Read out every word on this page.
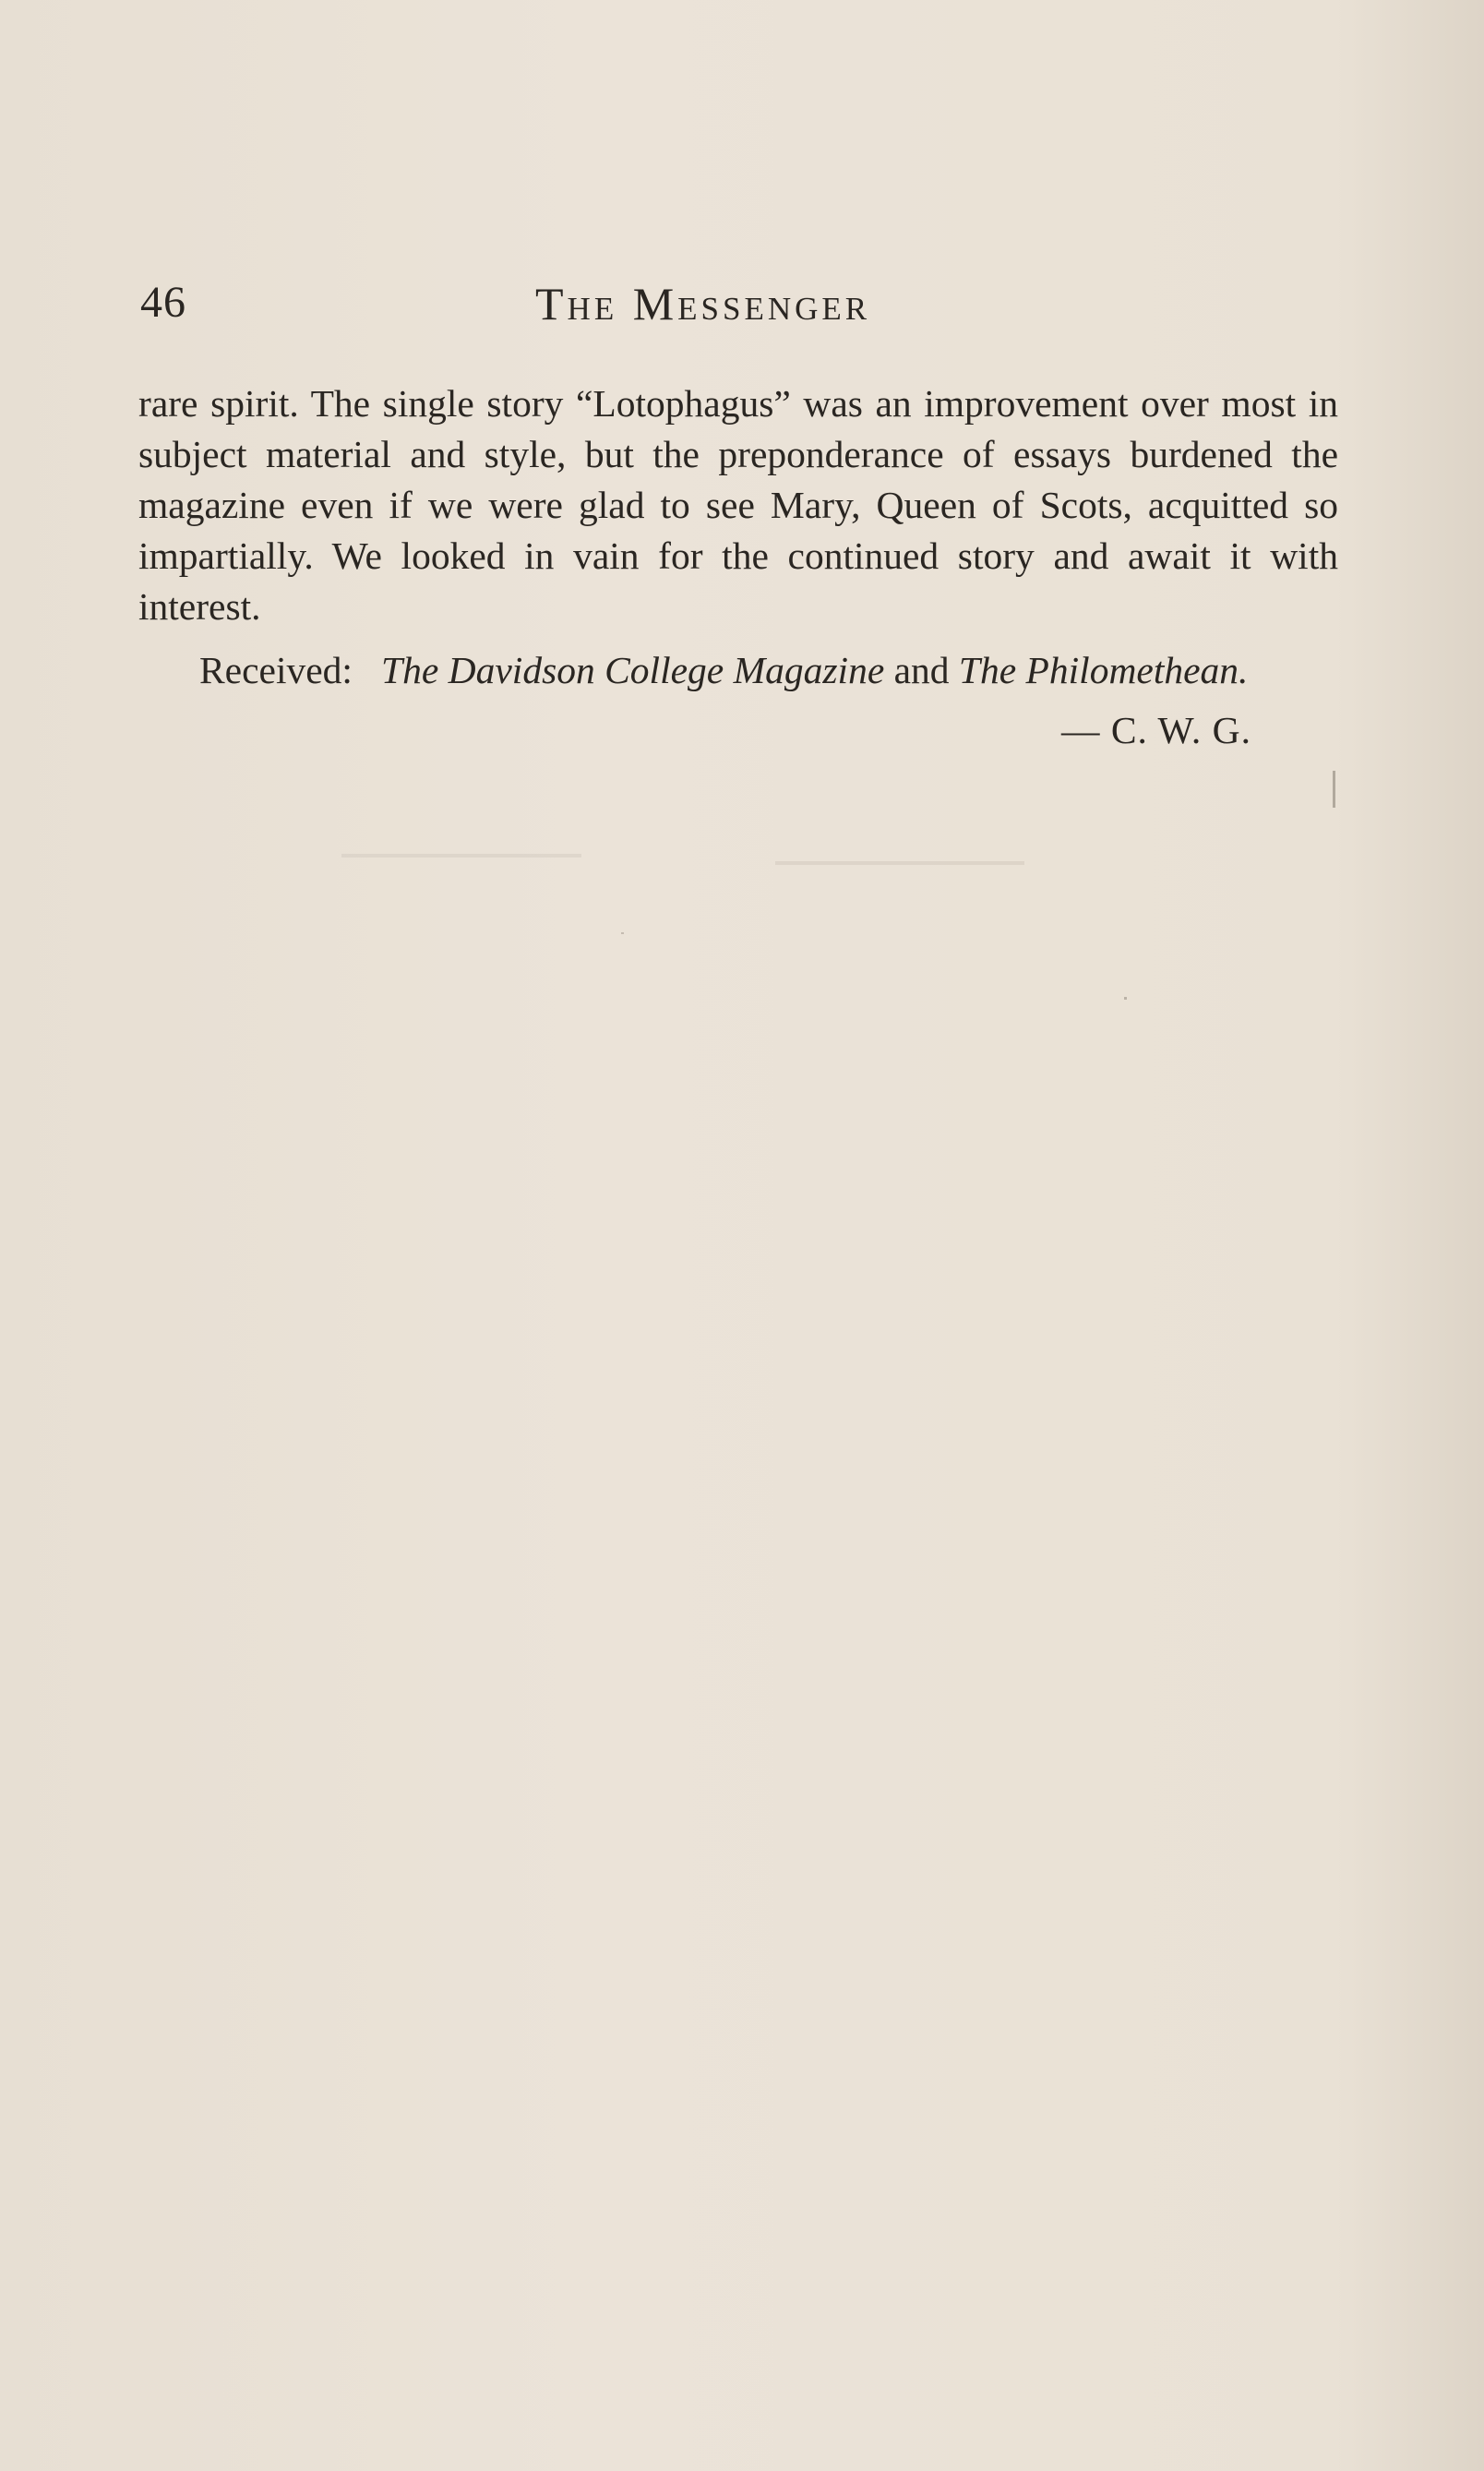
46	The Messenger

rare spirit. The single story “Lotophagus” was an improvement over most in subject material and style, but the preponderance of essays burdened the magazine even if we were glad to see Mary, Queen of Scots, acquitted so impartially. We looked in vain for the continued story and await it with interest.

Received: The Davidson College Magazine and The Philomethean.

— C. W. G.
